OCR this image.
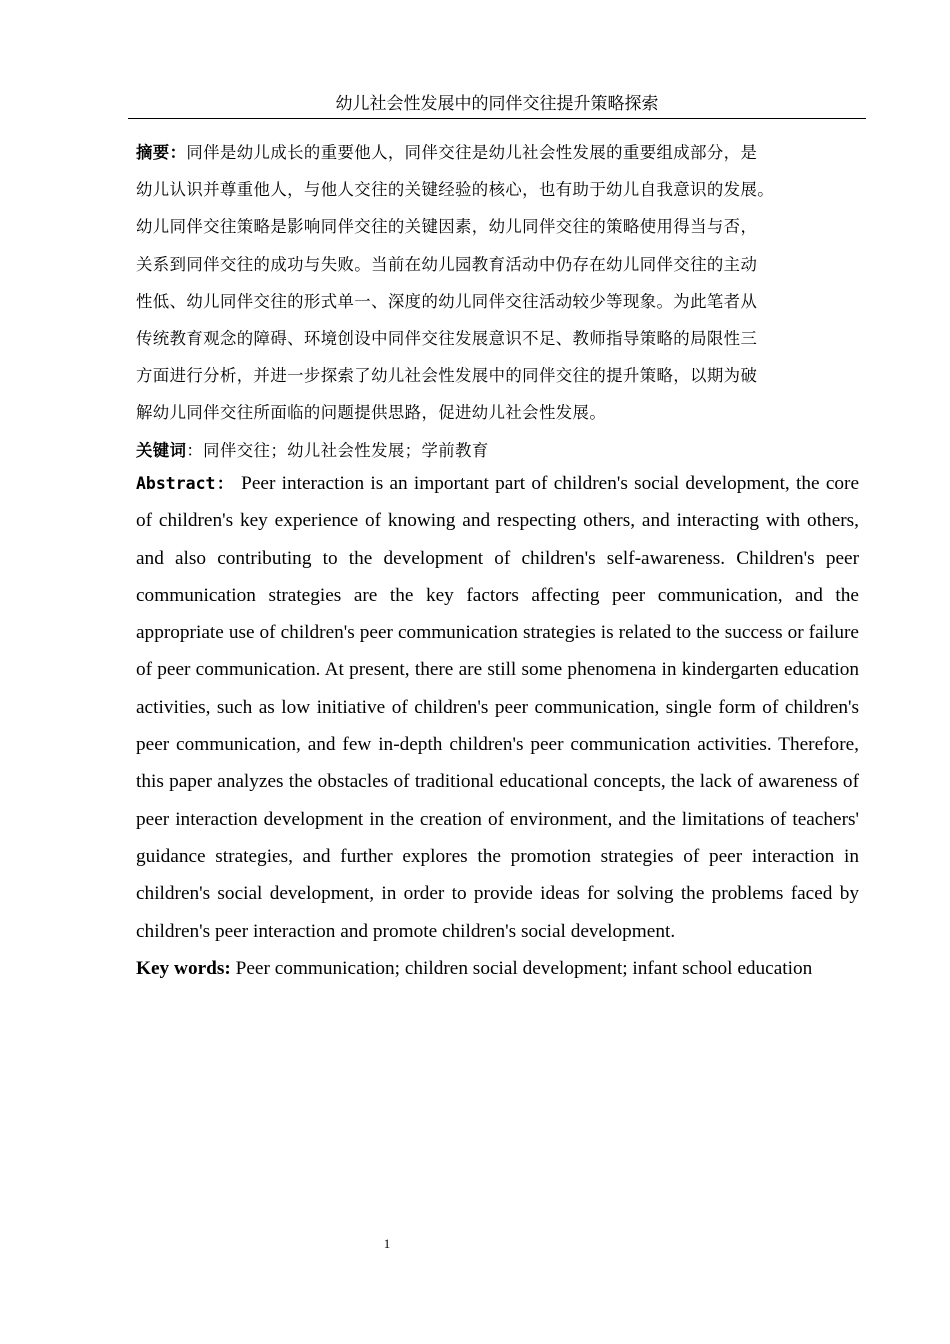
幼儿社会性发展中的同伴交往提升策略探索

摘要：同伴是幼儿成长的重要他人，同伴交往是幼儿社会性发展的重要组成部分，是
幼儿认识并尊重他人，与他人交往的关键经验的核心，也有助于幼儿自我意识的发展。
幼儿同伴交往策略是影响同伴交往的关键因素，幼儿同伴交往的策略使用得当与否，
关系到同伴交往的成功与失败。当前在幼儿园教育活动中仍存在幼儿同伴交往的主动
性低、幼儿同伴交往的形式单一、深度的幼儿同伴交往活动较少等现象。为此笔者从
传统教育观念的障碍、环境创设中同伴交往发展意识不足、教师指导策略的局限性三
方面进行分析，并进一步探索了幼儿社会性发展中的同伴交往的提升策略，以期为破
解幼儿同伴交往所面临的问题提供思路，促进幼儿社会性发展。

关键词：同伴交往；幼儿社会性发展；学前教育

Abstract： Peer interaction is an important part of children's social development, the core of children's key experience of knowing and respecting others, and interacting with others, and also contributing to the development of children's self-awareness. Children's peer communication strategies are the key factors affecting peer communication, and the appropriate use of children's peer communication strategies is related to the success or failure of peer communication. At present, there are still some phenomena in kindergarten education activities, such as low initiative of children's peer communication, single form of children's peer communication, and few in-depth children's peer communication activities. Therefore, this paper analyzes the obstacles of traditional educational concepts, the lack of awareness of peer interaction development in the creation of environment, and the limitations of teachers' guidance strategies, and further explores the promotion strategies of peer interaction in children's social development, in order to provide ideas for solving the problems faced by children's peer interaction and promote children's social development.

Key words: Peer communication; children social development; infant school education

1
